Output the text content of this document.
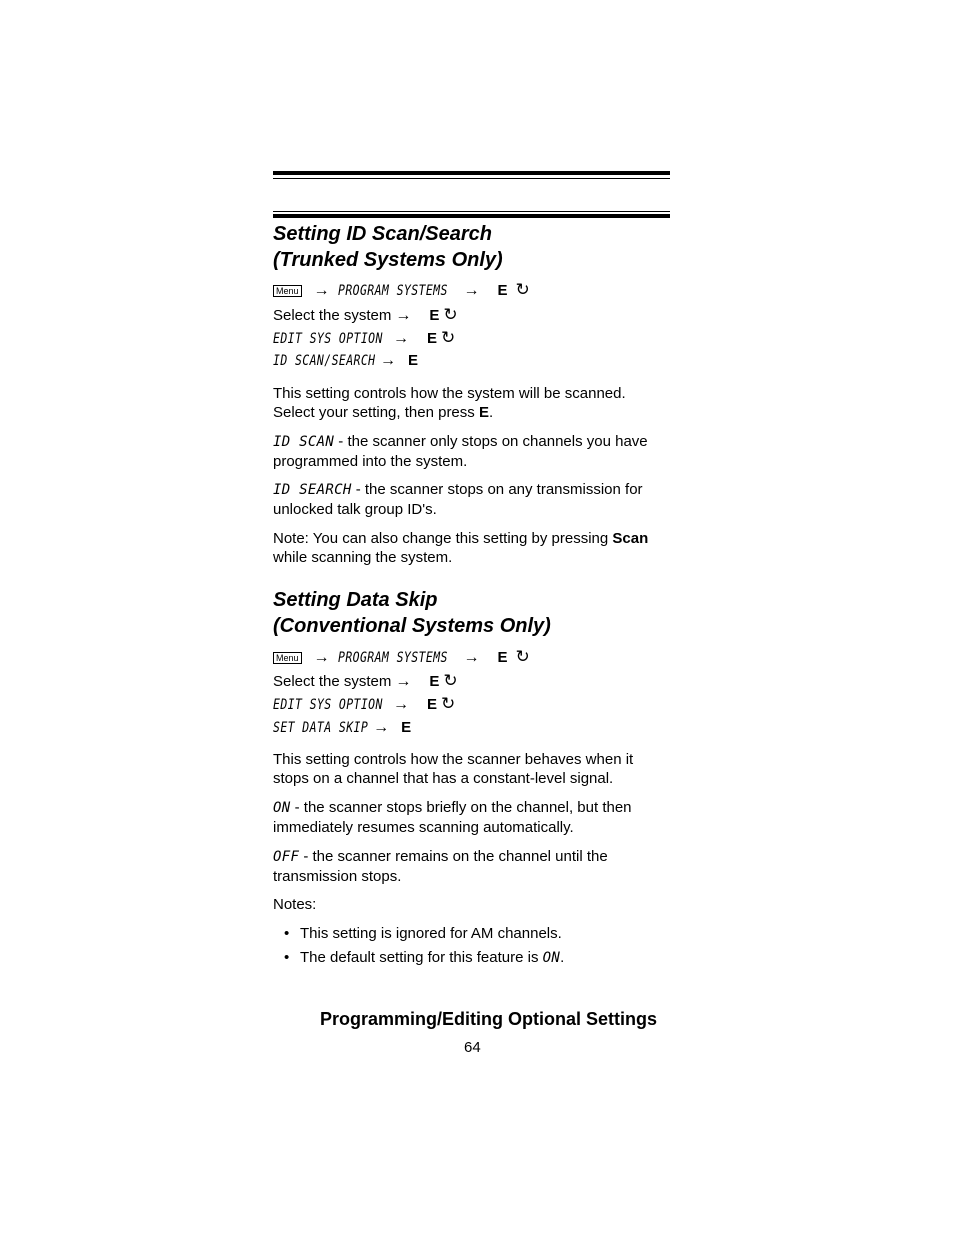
Setting ID Scan/Search
(Trunked Systems Only)
Menu → PROGRAM SYSTEMS → E ↻
Select the system → E ↻
EDIT SYS OPTION → E ↻
ID SCAN/SEARCH → E

This setting controls how the system will be scanned.
Select your setting, then press E.

ID SCAN - the scanner only stops on channels you have
programmed into the system.

ID SEARCH - the scanner stops on any transmission for
unlocked talk group ID's.

Note: You can also change this setting by pressing Scan
while scanning the system.

Setting Data Skip
(Conventional Systems Only)
Menu → PROGRAM SYSTEMS → E ↻
Select the system → E ↻
EDIT SYS OPTION → E ↻
SET DATA SKIP → E

This setting controls how the scanner behaves when it
stops on a channel that has a constant-level signal.

ON - the scanner stops briefly on the channel, but then
immediately resumes scanning automatically.

OFF - the scanner remains on the channel until the
transmission stops.

Notes:

• This setting is ignored for AM channels.
• The default setting for this feature is ON.
Programming/Editing Optional Settings
64
